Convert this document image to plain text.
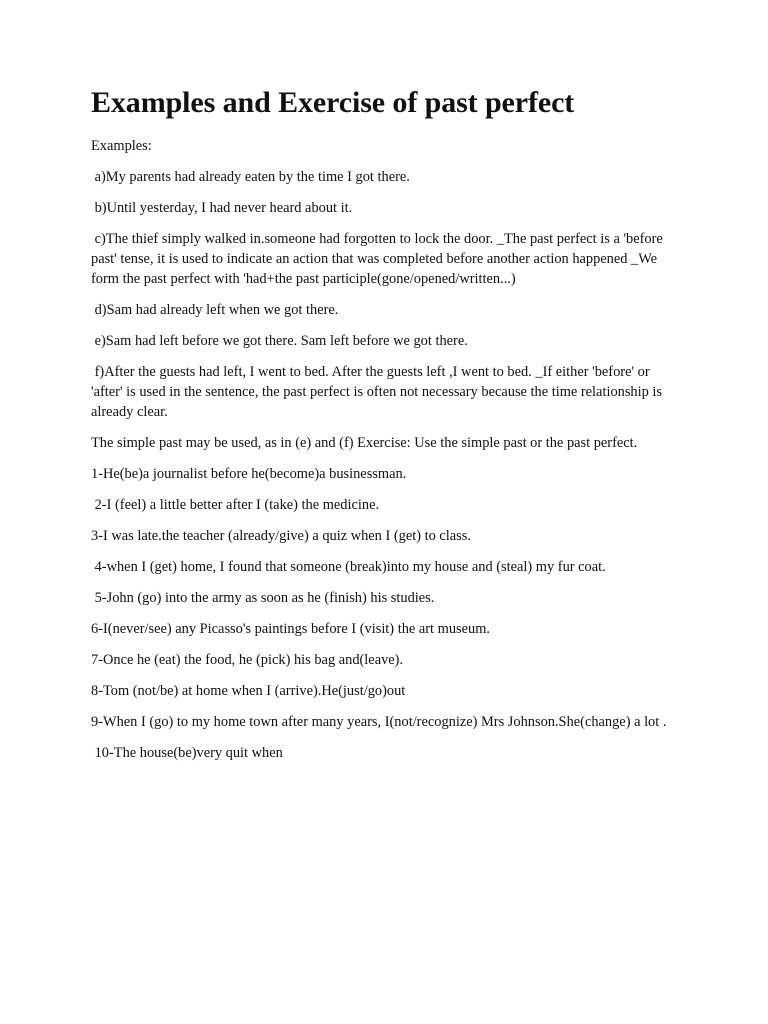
Examples and Exercise of past perfect

Examples:

a)My parents had already eaten by the time I got there.

b)Until yesterday, I had never heard about it.

c)The thief simply walked in.someone had forgotten to lock the door. _The past perfect is a 'before past' tense, it is used to indicate an action that was completed before another action happened _We form the past perfect with 'had+the past participle(gone/opened/written...)

d)Sam had already left when we got there.

e)Sam had left before we got there. Sam left before we got there.

f)After the guests had left, I went to bed. After the guests left ,I went to bed. _If either 'before' or 'after' is used in the sentence, the past perfect is often not necessary because the time relationship is already clear.

The simple past may be used, as in (e) and (f) Exercise: Use the simple past or the past perfect.

1-He(be)a journalist before he(become)a businessman.

2-I (feel) a little better after I (take) the medicine.

3-I was late.the teacher (already/give) a quiz when I (get) to class.

4-when I (get) home, I found that someone (break)into my house and (steal) my fur coat.

5-John (go) into the army as soon as he (finish) his studies.

6-I(never/see) any Picasso's paintings before I (visit) the art museum.

7-Once he (eat) the food, he (pick) his bag and(leave).

8-Tom (not/be) at home when I (arrive).He(just/go)out

9-When I (go) to my home town after many years, I(not/recognize) Mrs Johnson.She(change) a lot .

10-The house(be)very quit when
